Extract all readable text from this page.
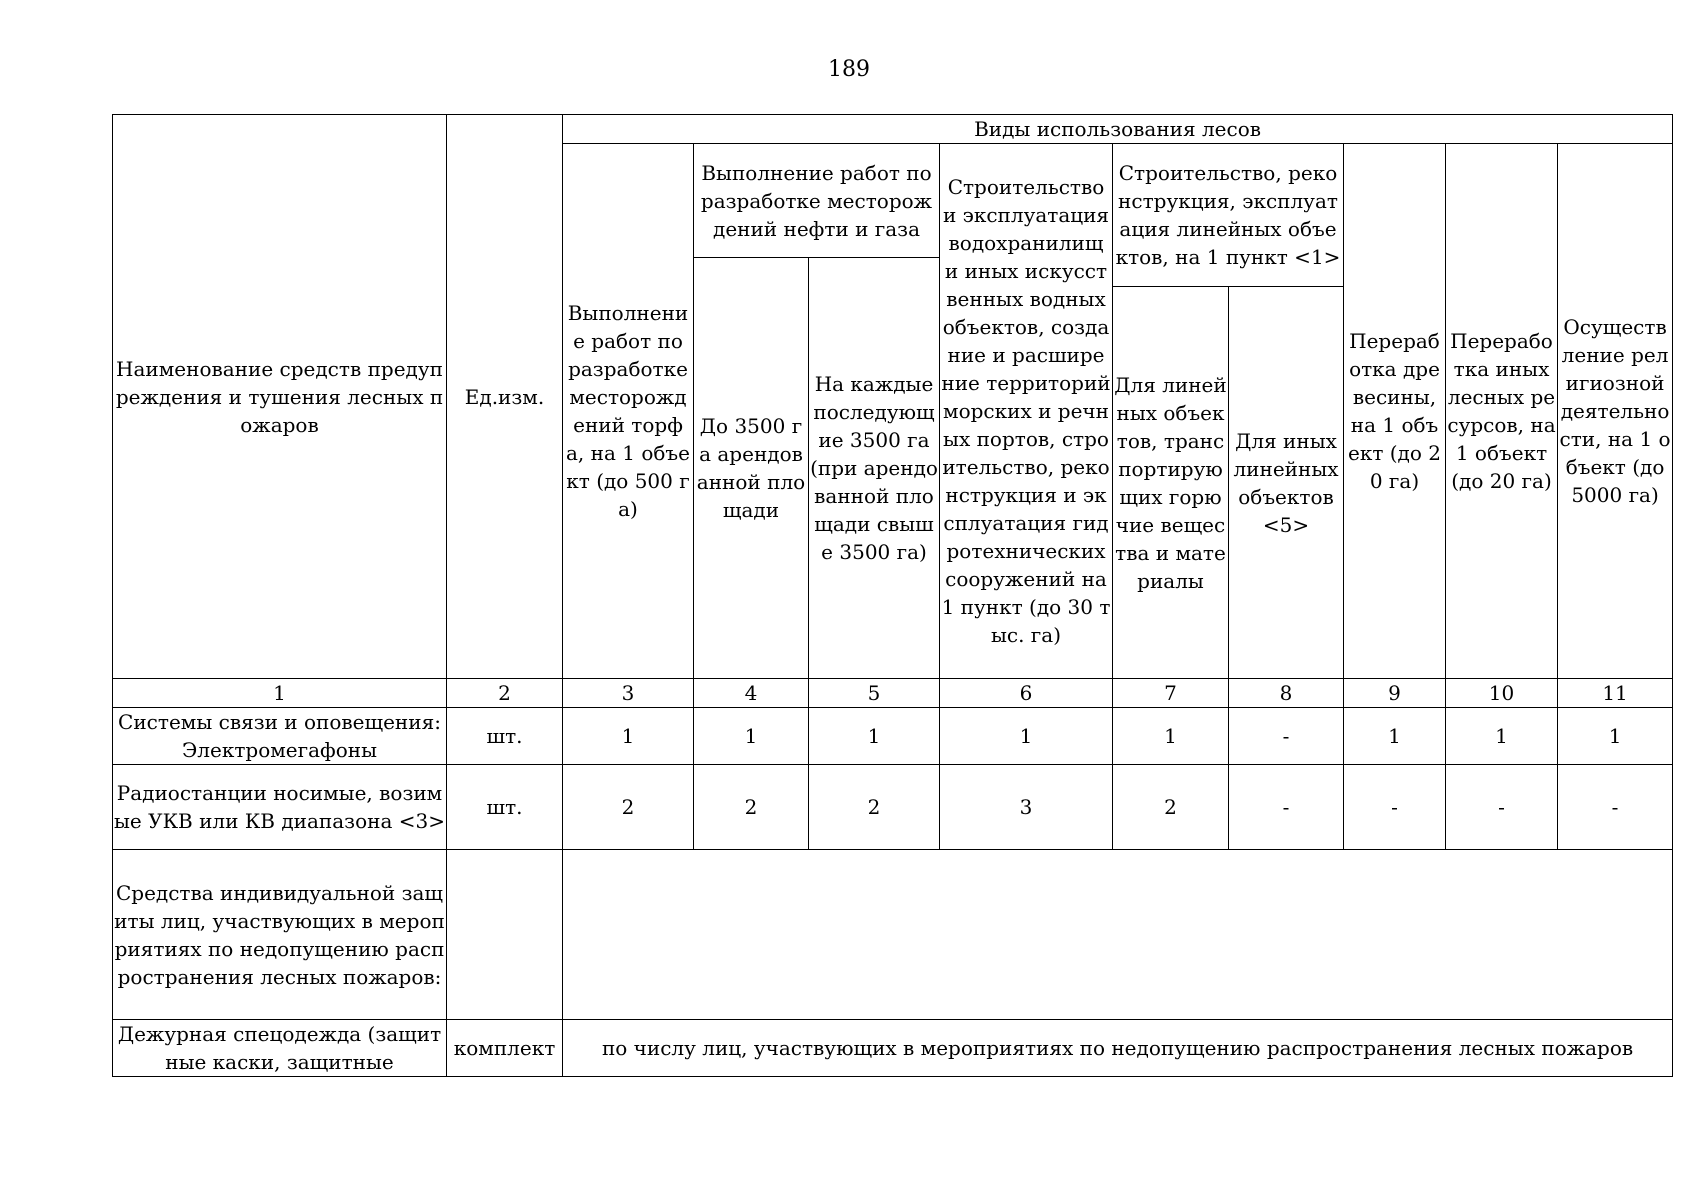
189
Наименование средств предупреждения и тушения лесных пожаров	Ед.изм.	Виды использования лесов								
		Выполнение работ по разработке месторождений торфа, на 1 объект (до 500 га)	Выполнение работ по разработке месторождений нефти и газа		Строительство и эксплуатация водохранилищ и иных искусственных водных объектов, создание и расширение территорий морских и речных портов, строительство, реконструкция и эксплуатация гидротехнических сооружений на 1 пункт (до 30 тыс. га)	Строительство, реконструкция, эксплуатация линейных объектов, на 1 пункт <1>		Переработка древесины, на 1 объект (до 20 га)	Переработка иных лесных ресурсов, на 1 объект (до 20 га)	Осуществление религиозной деятельности, на 1 объект (до 5000 га)
			До 3500 га арендованной площади	На каждые последующие 3500 га (при арендованной площади свыше 3500 га)						
						Для линейных объектов, транспортирующих горючие вещества и материалы	Для иных линейных объектов <5>			
1	2	3	4	5	6	7	8	9	10	11
Системы связи и оповещения: Электромегафоны	шт.	1	1	1	1	1	-	1	1	1
Радиостанции носимые, возимые УКВ или КВ диапазона <3>	шт.	2	2	2	3	2	-	-	-	-
Средства индивидуальной защиты лиц, участвующих в мероприятиях по недопущению распространения лесных пожаров:										
Дежурная спецодежда (защитные каски, защитные	комплект	по числу лиц, участвующих в мероприятиях по недопущению распространения лесных пожаров								
